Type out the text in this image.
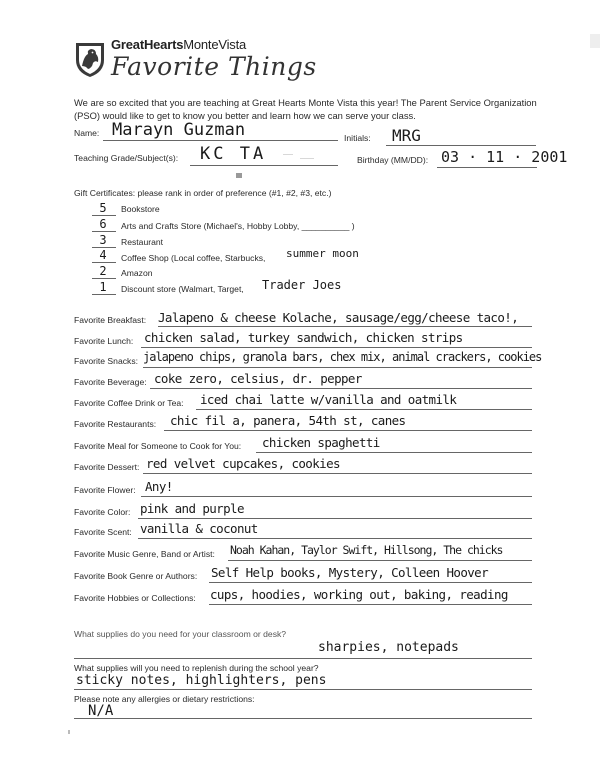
GreatHeartsMonteVista
Favorite Things
We are so excited that you are teaching at Great Hearts Monte Vista this year! The Parent Service Organization (PSO) would like to get to know you better and learn how we can serve your class.
Name: Marayn Guzman	Initials: MRG
Teaching Grade/Subject(s): KC TA	Birthday (MM/DD): 03 · 11 · 2001
Gift Certificates: please rank in order of preference (#1, #2, #3, etc.)
5	Bookstore
6	Arts and Crafts Store (Michael's, Hobby Lobby, __________ )
3	Restaurant
4	Coffee Shop (Local coffee, Starbucks, summer moon
2	Amazon
1	Discount store (Walmart, Target, Trader Joes
Favorite Breakfast: Jalapeno & cheese Kolache, sausage/egg/cheese taco!,
Favorite Lunch: chicken salad, turkey sandwich, chicken strips
Favorite Snacks: jalapeno chips, granola bars, chex mix, animal crackers, cookies
Favorite Beverage: coke zero, celsius, dr. pepper
Favorite Coffee Drink or Tea: iced chai latte w/vanilla and oatmilk
Favorite Restaurants: chic fil a, panera, 54th st, canes
Favorite Meal for Someone to Cook for You: chicken spaghetti
Favorite Dessert: red velvet cupcakes, cookies
Favorite Flower: Any!
Favorite Color: pink and purple
Favorite Scent: vanilla & coconut
Favorite Music Genre, Band or Artist: Noah Kahan, Taylor Swift, Hillsong, The chicks
Favorite Book Genre or Authors: Self Help books, Mystery, Colleen Hoover
Favorite Hobbies or Collections: cups, hoodies, working out, baking, reading
What supplies do you need for your classroom or desk?
sharpies, notepads
What supplies will you need to replenish during the school year?
sticky notes, highlighters, pens
Please note any allergies or dietary restrictions:
N/A
